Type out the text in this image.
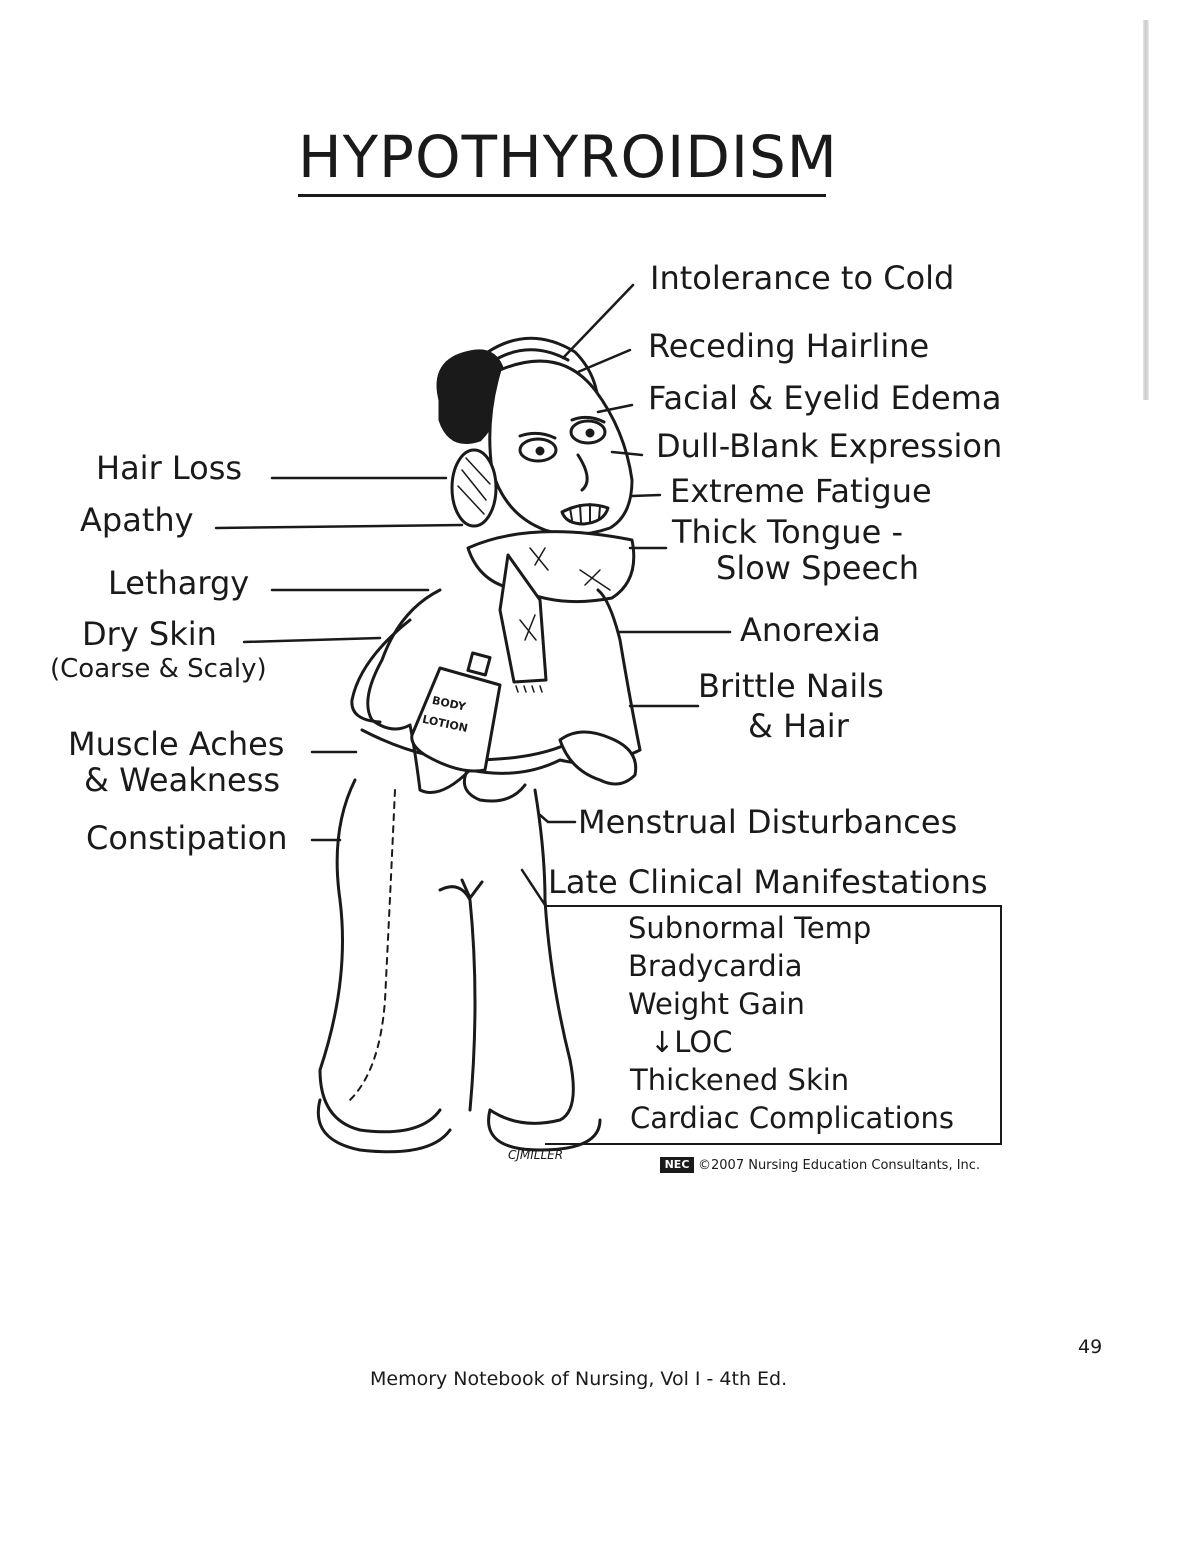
HYPOTHYROIDISM
BODY
LOTION
Intolerance to Cold
Receding Hairline
Facial & Eyelid Edema
Dull-Blank Expression
Extreme Fatigue
Thick Tongue -
Slow Speech
Anorexia
Brittle Nails
& Hair
Menstrual Disturbances
Hair Loss
Apathy
Lethargy
Dry Skin
(Coarse & Scaly)
Muscle Aches
& Weakness
Constipation
Late Clinical Manifestations
Subnormal Temp
Bradycardia
Weight Gain
↓LOC
Thickened Skin
Cardiac Complications
CJMILLER
NEC ©2007 Nursing Education Consultants, Inc.
Memory Notebook of Nursing, Vol I - 4th Ed.
49
